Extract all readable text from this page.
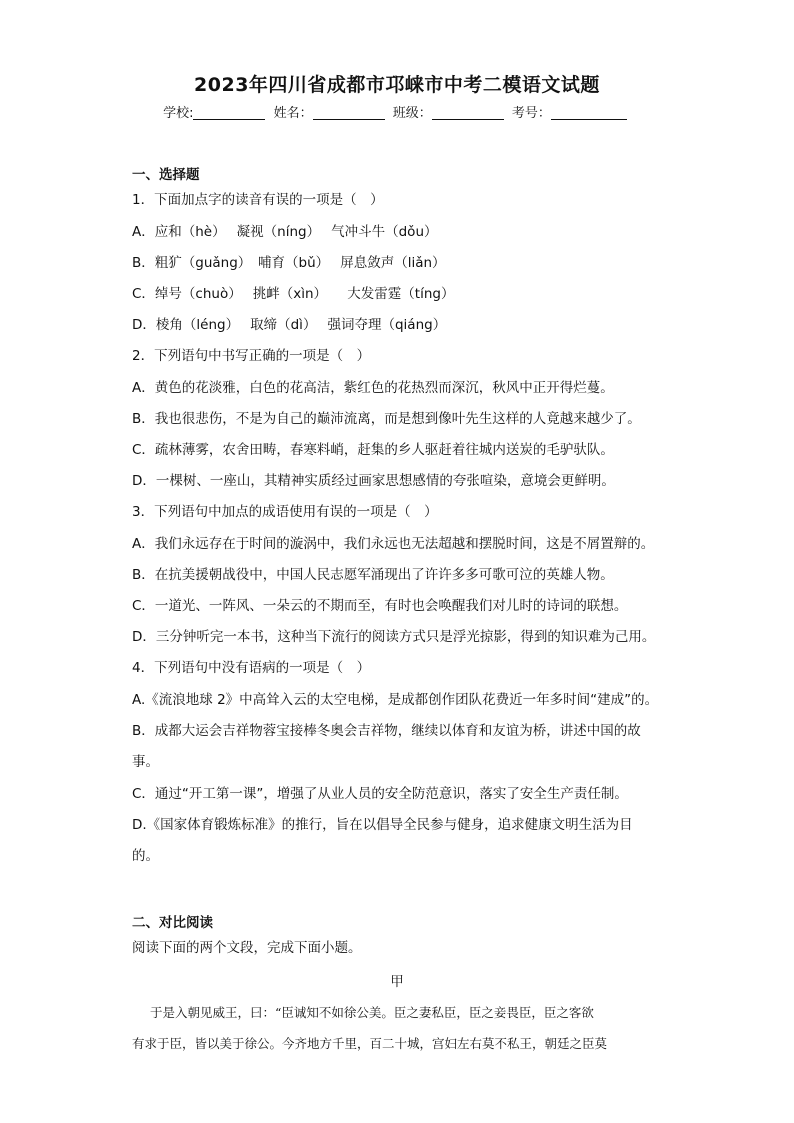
2023年四川省成都市邛崃市中考二模语文试题
学校:	姓名：	班级：	考号：
一、选择题
1．下面加点字的读音有误的一项是（　）
A．应和（hè）　 凝视（níng）　 气冲斗牛（dǒu）
B．粗犷（guǎng）　哺育（bǔ）　 屏息敛声（liǎn）
C．绰号（chuò）　 挑衅（xìn）　　大发雷霆（tíng）
D．棱角（léng）　 取缔（dì）　 强词夺理（qiáng）
2．下列语句中书写正确的一项是（　）
A．黄色的花淡雅，白色的花高洁，紫红色的花热烈而深沉，秋风中正开得烂蔓。
B．我也很悲伤，不是为自己的巅沛流离，而是想到像叶先生这样的人竟越来越少了。
C．疏林薄雾，农舍田畴，春寒料峭，赶集的乡人驱赶着往城内送炭的毛驴驮队。
D．一棵树、一座山，其精神实质经过画家思想感情的夸张喧染，意境会更鲜明。
3．下列语句中加点的成语使用有误的一项是（　）
A．我们永远存在于时间的漩涡中，我们永远也无法超越和摆脱时间，这是不屑置辩的。
B．在抗美援朝战役中，中国人民志愿军涌现出了许许多多可歌可泣的英雄人物。
C．一道光、一阵风、一朵云的不期而至，有时也会唤醒我们对儿时的诗词的联想。
D．三分钟听完一本书，这种当下流行的阅读方式只是浮光掠影，得到的知识难为己用。
4．下列语句中没有语病的一项是（　）
A.《流浪地球 2》中高耸入云的太空电梯，是成都创作团队花费近一年多时间“建成”的。
B．成都大运会吉祥物蓉宝接棒冬奥会吉祥物，继续以体育和友谊为桥，讲述中国的故
事。
C．通过“开工第一课”，增强了从业人员的安全防范意识，落实了安全生产责任制。
D.《国家体育锻炼标准》的推行，旨在以倡导全民参与健身，追求健康文明生活为目
的。
二、对比阅读
阅读下面的两个文段，完成下面小题。
甲
于是入朝见威王，曰：“臣诚知不如徐公美。臣之妻私臣，臣之妾畏臣，臣之客欲
有求于臣，皆以美于徐公。今齐地方千里，百二十城，宫妇左右莫不私王，朝廷之臣莫
